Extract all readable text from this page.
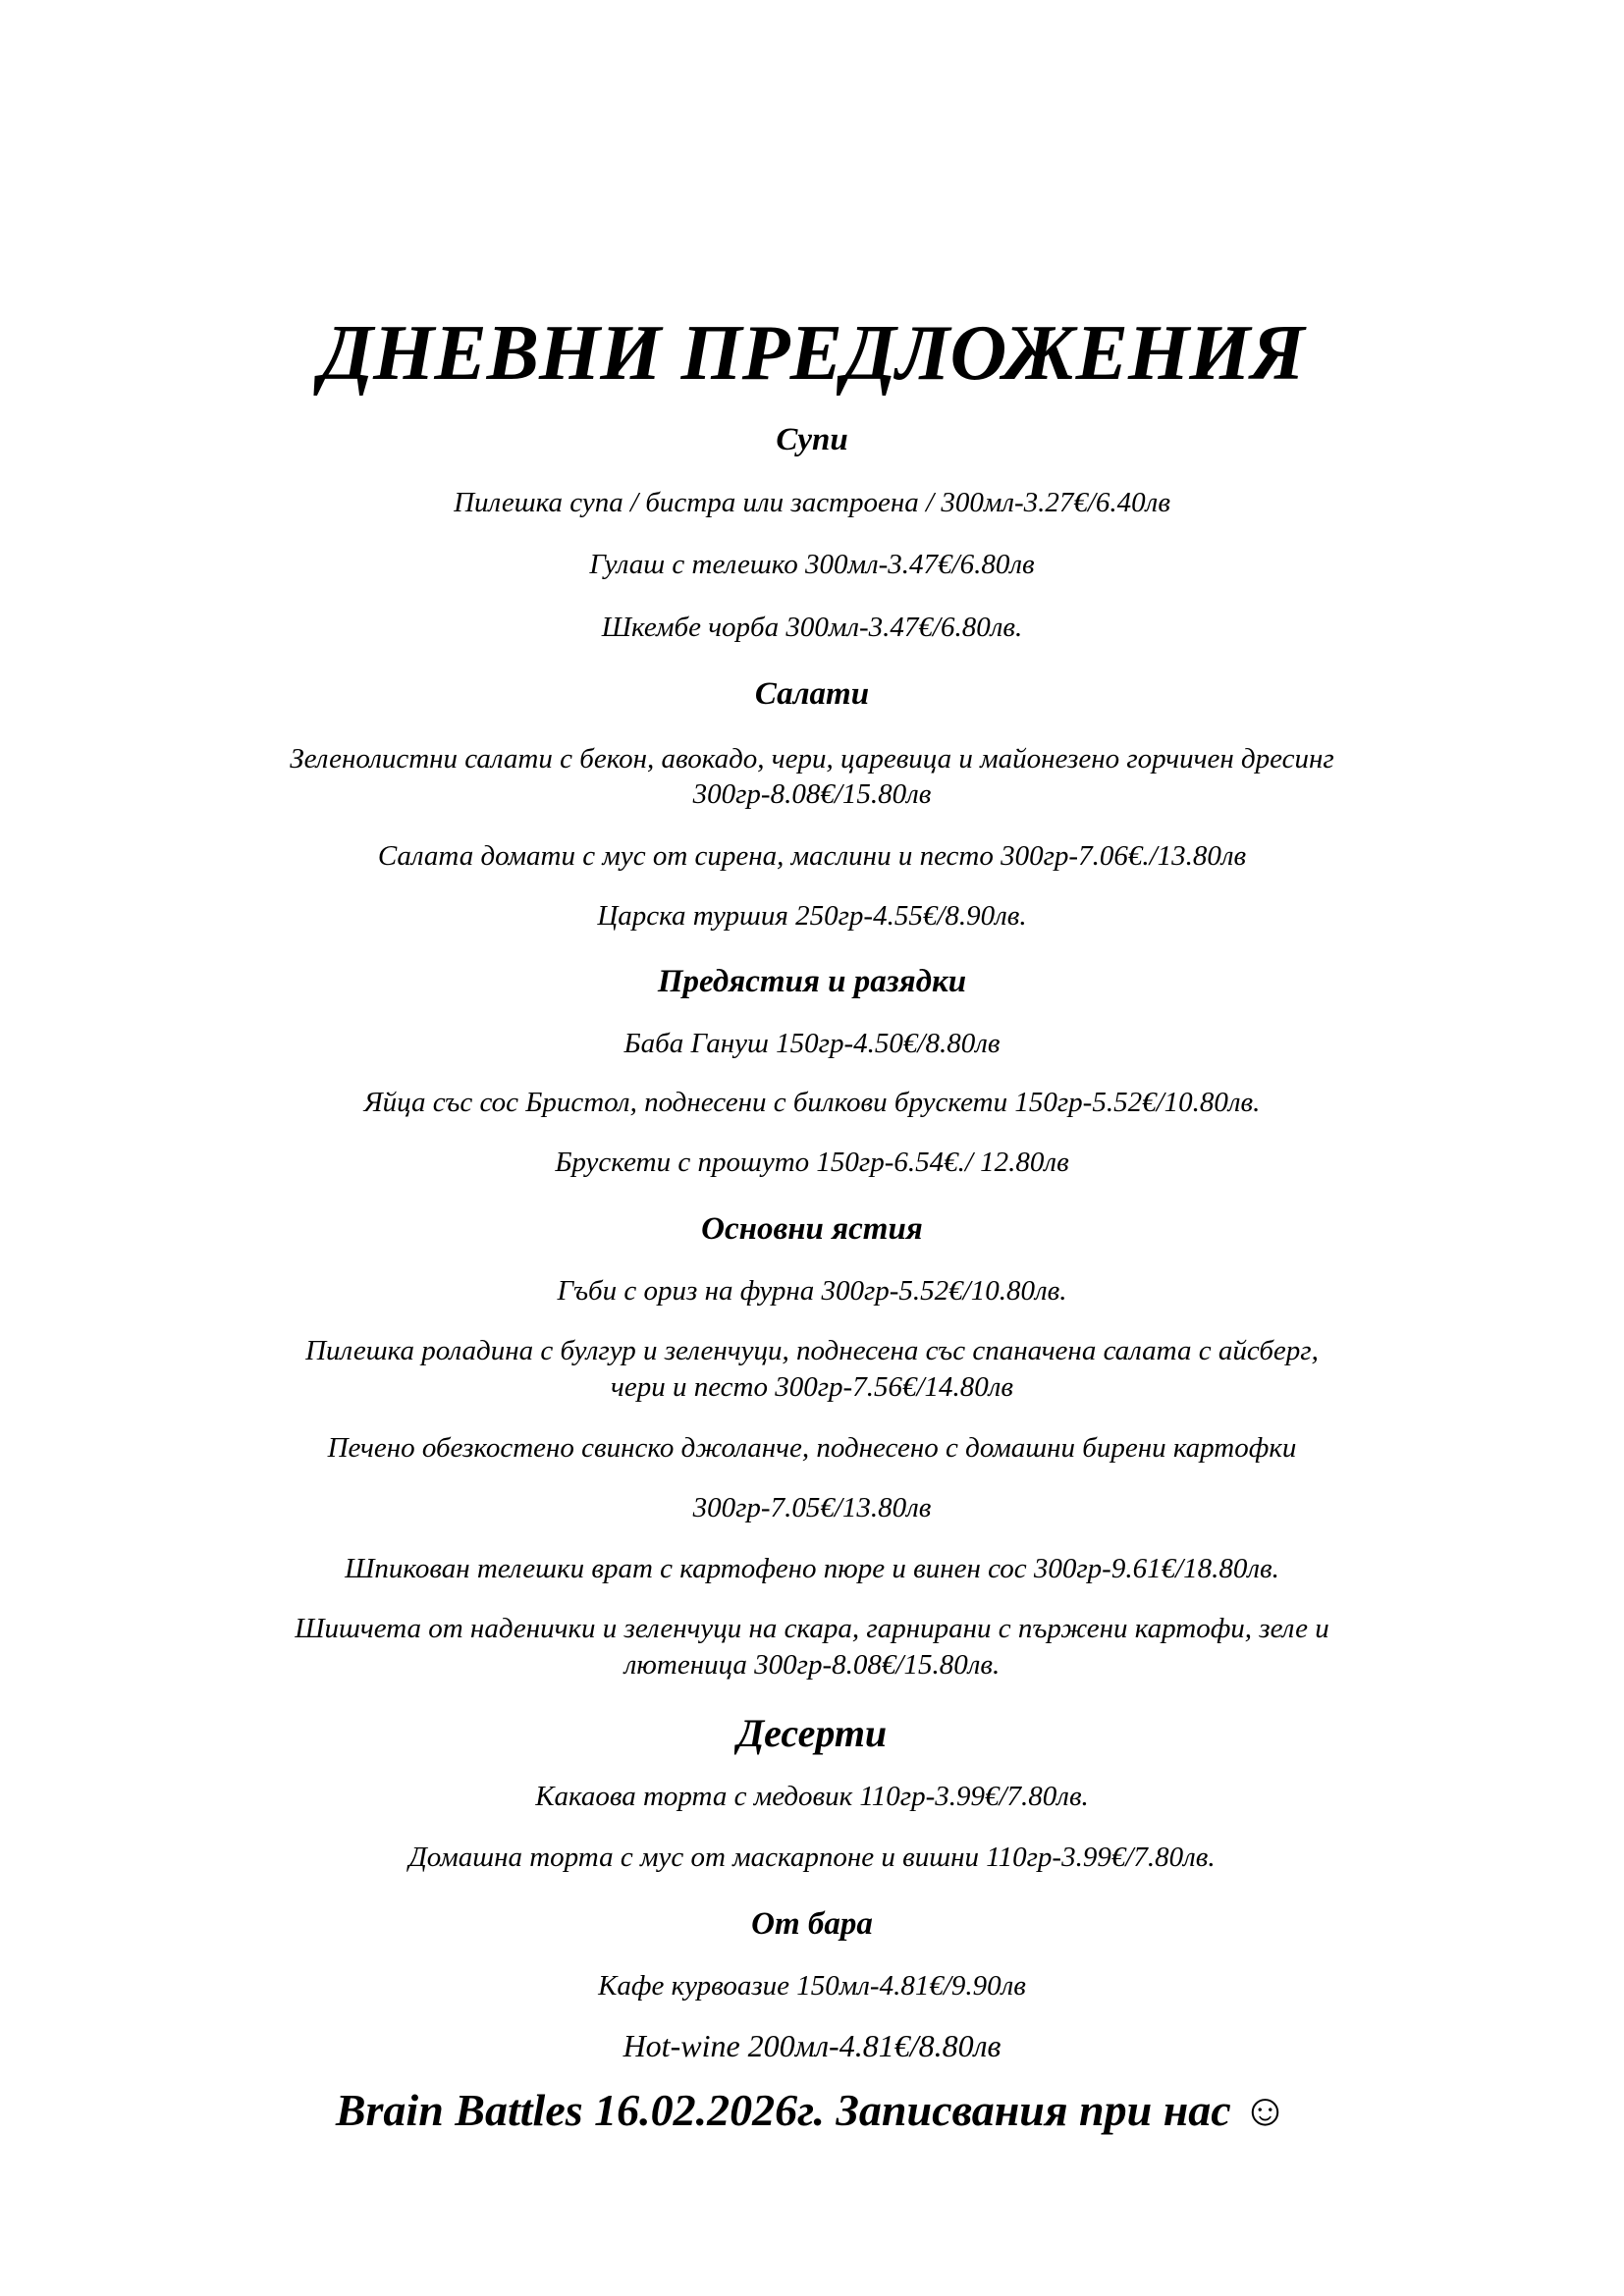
ДНЕВНИ ПРЕДЛОЖЕНИЯ
Супи

Пилешка супа / бистра или застроена / 300мл-3.27€/6.40лв

Гулаш с телешко 300мл-3.47€/6.80лв

Шкембе чорба 300мл-3.47€/6.80лв.

Салати

Зеленолистни салати с бекон, авокадо, чери, царевица и майонезено горчичен дресинг

300гр-8.08€/15.80лв

Салата домати с мус от сирена, маслини и песто 300гр-7.06€./13.80лв

Царска туршия 250гр-4.55€/8.90лв.

Предястия и разядки

Баба Гануш 150гр-4.50€/8.80лв

Яйца със сос Бристол, поднесени с билкови брускети 150гр-5.52€/10.80лв.

Брускети с прошуто 150гр-6.54€./ 12.80лв

Основни ястия

Гъби с ориз на фурна 300гр-5.52€/10.80лв.

Пилешка роладина с булгур и зеленчуци, поднесена със спаначена салата с айсберг,

чери и песто 300гр-7.56€/14.80лв

Печено обезкостено свинско джоланче, поднесено с домашни бирени картофки

300гр-7.05€/13.80лв

Шпикован телешки врат с картофено пюре и винен сос 300гр-9.61€/18.80лв.

Шишчета от наденички и зеленчуци на скара, гарнирани с пържени картофи, зеле и

лютеница 300гр-8.08€/15.80лв.

Десерти

Какаова торта с медовик 110гр-3.99€/7.80лв.

Домашна торта с мус от маскарпоне и вишни 110гр-3.99€/7.80лв.

От бара

Кафе курвоазие 150мл-4.81€/9.90лв

Hot-wine 200мл-4.81€/8.80лв

Brain Battles 16.02.2026г. Записвания при нас ☺
